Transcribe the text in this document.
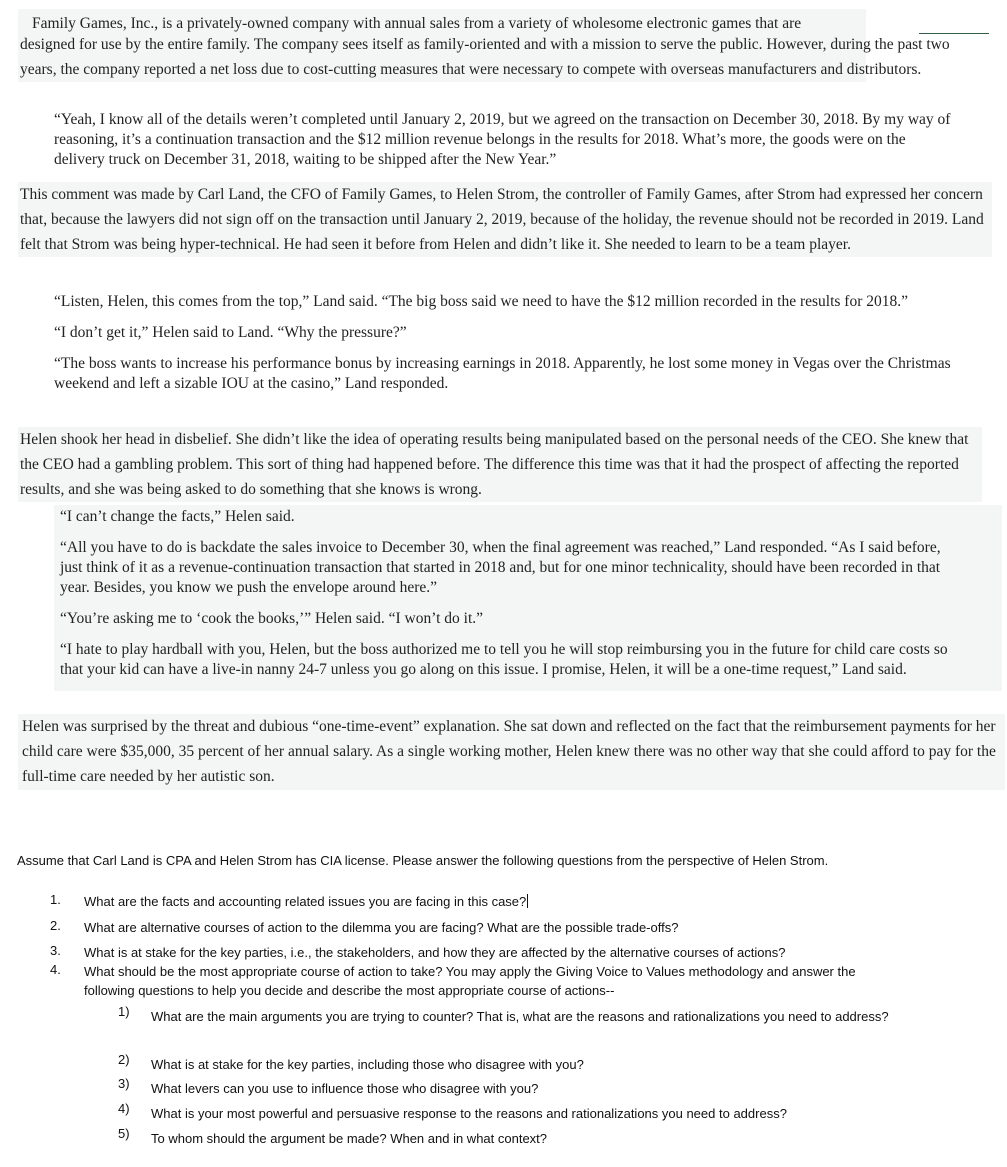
Family Games, Inc., is a privately-owned company with annual sales from a variety of wholesome electronic games that are

designed for use by the entire family. The company sees itself as family-oriented and with a mission to serve the public. However, during the past two years, the company reported a net loss due to cost-cutting measures that were necessary to compete with overseas manufacturers and distributors.

“Yeah, I know all of the details weren’t completed until January 2, 2019, but we agreed on the transaction on December 30, 2018. By my way of reasoning, it’s a continuation transaction and the $12 million revenue belongs in the results for 2018. What’s more, the goods were on the delivery truck on December 31, 2018, waiting to be shipped after the New Year.”

This comment was made by Carl Land, the CFO of Family Games, to Helen Strom, the controller of Family Games, after Strom had expressed her concern that, because the lawyers did not sign off on the transaction until January 2, 2019, because of the holiday, the revenue should not be recorded in 2019. Land felt that Strom was being hyper-technical. He had seen it before from Helen and didn’t like it. She needed to learn to be a team player.

“Listen, Helen, this comes from the top,” Land said. “The big boss said we need to have the $12 million recorded in the results for 2018.”

“I don’t get it,” Helen said to Land. “Why the pressure?”

“The boss wants to increase his performance bonus by increasing earnings in 2018. Apparently, he lost some money in Vegas over the Christmas weekend and left a sizable IOU at the casino,” Land responded.

Helen shook her head in disbelief. She didn’t like the idea of operating results being manipulated based on the personal needs of the CEO. She knew that the CEO had a gambling problem. This sort of thing had happened before. The difference this time was that it had the prospect of affecting the reported results, and she was being asked to do something that she knows is wrong.

“I can’t change the facts,” Helen said.

“All you have to do is backdate the sales invoice to December 30, when the final agreement was reached,” Land responded. “As I said before, just think of it as a revenue-continuation transaction that started in 2018 and, but for one minor technicality, should have been recorded in that year. Besides, you know we push the envelope around here.”

“You’re asking me to ‘cook the books,’” Helen said. “I won’t do it.”

“I hate to play hardball with you, Helen, but the boss authorized me to tell you he will stop reimbursing you in the future for child care costs so that your kid can have a live-in nanny 24-7 unless you go along on this issue. I promise, Helen, it will be a one-time request,” Land said.

Helen was surprised by the threat and dubious “one-time-event” explanation. She sat down and reflected on the fact that the reimbursement payments for her child care were $35,000, 35 percent of her annual salary. As a single working mother, Helen knew there was no other way that she could afford to pay for the full-time care needed by her autistic son.

Assume that Carl Land is CPA and Helen Strom has CIA license. Please answer the following questions from the perspective of Helen Strom.

1. What are the facts and accounting related issues you are facing in this case?
2. What are alternative courses of action to the dilemma you are facing? What are the possible trade-offs?
3. What is at stake for the key parties, i.e., the stakeholders, and how they are affected by the alternative courses of actions?
4. What should be the most appropriate course of action to take? You may apply the Giving Voice to Values methodology and answer the following questions to help you decide and describe the most appropriate course of actions--
1) What are the main arguments you are trying to counter? That is, what are the reasons and rationalizations you need to address?
2) What is at stake for the key parties, including those who disagree with you?
3) What levers can you use to influence those who disagree with you?
4) What is your most powerful and persuasive response to the reasons and rationalizations you need to address?
5) To whom should the argument be made? When and in what context?
